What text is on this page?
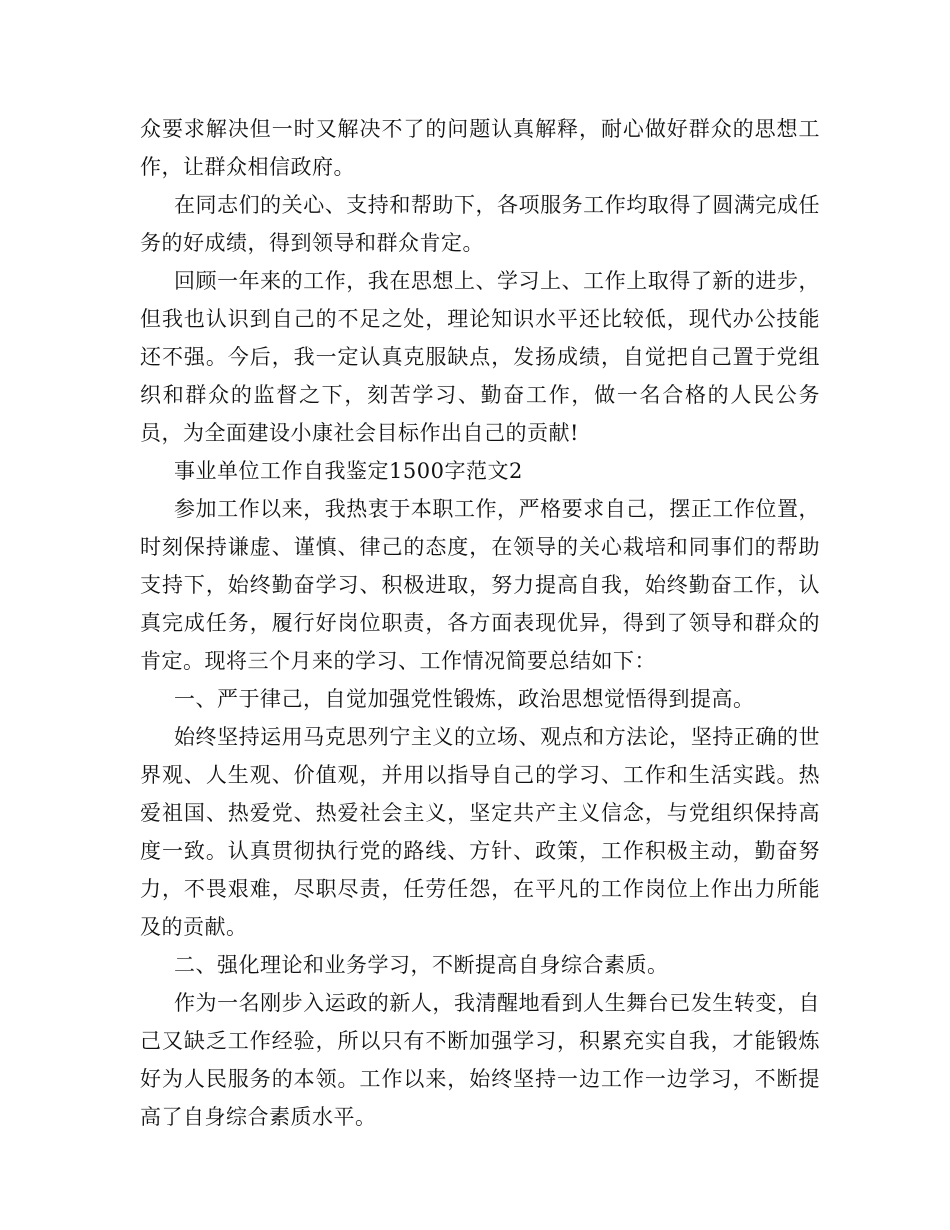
众要求解决但一时又解决不了的问题认真解释，耐心做好群众的思想工作，让群众相信政府。

在同志们的关心、支持和帮助下，各项服务工作均取得了圆满完成任务的好成绩，得到领导和群众肯定。

回顾一年来的工作，我在思想上、学习上、工作上取得了新的进步，但我也认识到自己的不足之处，理论知识水平还比较低，现代办公技能还不强。今后，我一定认真克服缺点，发扬成绩，自觉把自己置于党组织和群众的监督之下，刻苦学习、勤奋工作，做一名合格的人民公务员，为全面建设小康社会目标作出自己的贡献!

事业单位工作自我鉴定1500字范文2

参加工作以来，我热衷于本职工作，严格要求自己，摆正工作位置，时刻保持谦虚、谨慎、律己的态度，在领导的关心栽培和同事们的帮助支持下，始终勤奋学习、积极进取，努力提高自我，始终勤奋工作，认真完成任务，履行好岗位职责，各方面表现优异，得到了领导和群众的肯定。现将三个月来的学习、工作情况简要总结如下：

一、严于律己，自觉加强党性锻炼，政治思想觉悟得到提高。

始终坚持运用马克思列宁主义的立场、观点和方法论，坚持正确的世界观、人生观、价值观，并用以指导自己的学习、工作和生活实践。热爱祖国、热爱党、热爱社会主义，坚定共产主义信念，与党组织保持高度一致。认真贯彻执行党的路线、方针、政策，工作积极主动，勤奋努力，不畏艰难，尽职尽责，任劳任怨，在平凡的工作岗位上作出力所能及的贡献。

二、强化理论和业务学习，不断提高自身综合素质。

作为一名刚步入运政的新人，我清醒地看到人生舞台已发生转变，自己又缺乏工作经验，所以只有不断加强学习，积累充实自我，才能锻炼好为人民服务的本领。工作以来，始终坚持一边工作一边学习，不断提高了自身综合素质水平。
